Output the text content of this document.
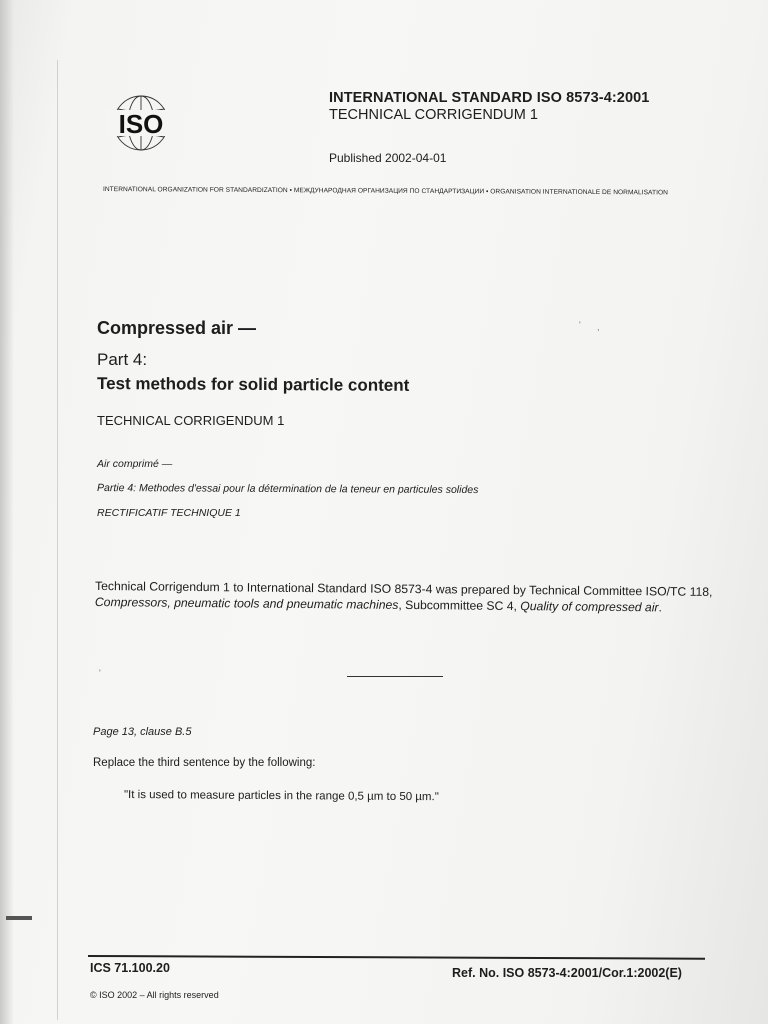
ISO
INTERNATIONAL STANDARD ISO 8573-4:2001
TECHNICAL CORRIGENDUM 1
Published 2002-04-01
INTERNATIONAL ORGANIZATION FOR STANDARDIZATION • МЕЖДУНАРОДНАЯ ОРГАНИЗАЦИЯ ПО СТАНДАРТИЗАЦИИ • ORGANISATION INTERNATIONALE DE NORMALISATION
Compressed air —
Part 4:
Test methods for solid particle content
TECHNICAL CORRIGENDUM 1
Air comprimé —
Partie 4: Methodes d'essai pour la détermination de la teneur en particules solides
RECTIFICATIF TECHNIQUE 1
Technical Corrigendum 1 to International Standard ISO 8573-4 was prepared by Technical Committee ISO/TC 118, Compressors, pneumatic tools and pneumatic machines, Subcommittee SC 4, Quality of compressed air.
Page 13, clause B.5
Replace the third sentence by the following:
"It is used to measure particles in the range 0,5 µm to 50 µm."
ICS 71.100.20	Ref. No. ISO 8573-4:2001/Cor.1:2002(E)
© ISO 2002 – All rights reserved
' ,
'
